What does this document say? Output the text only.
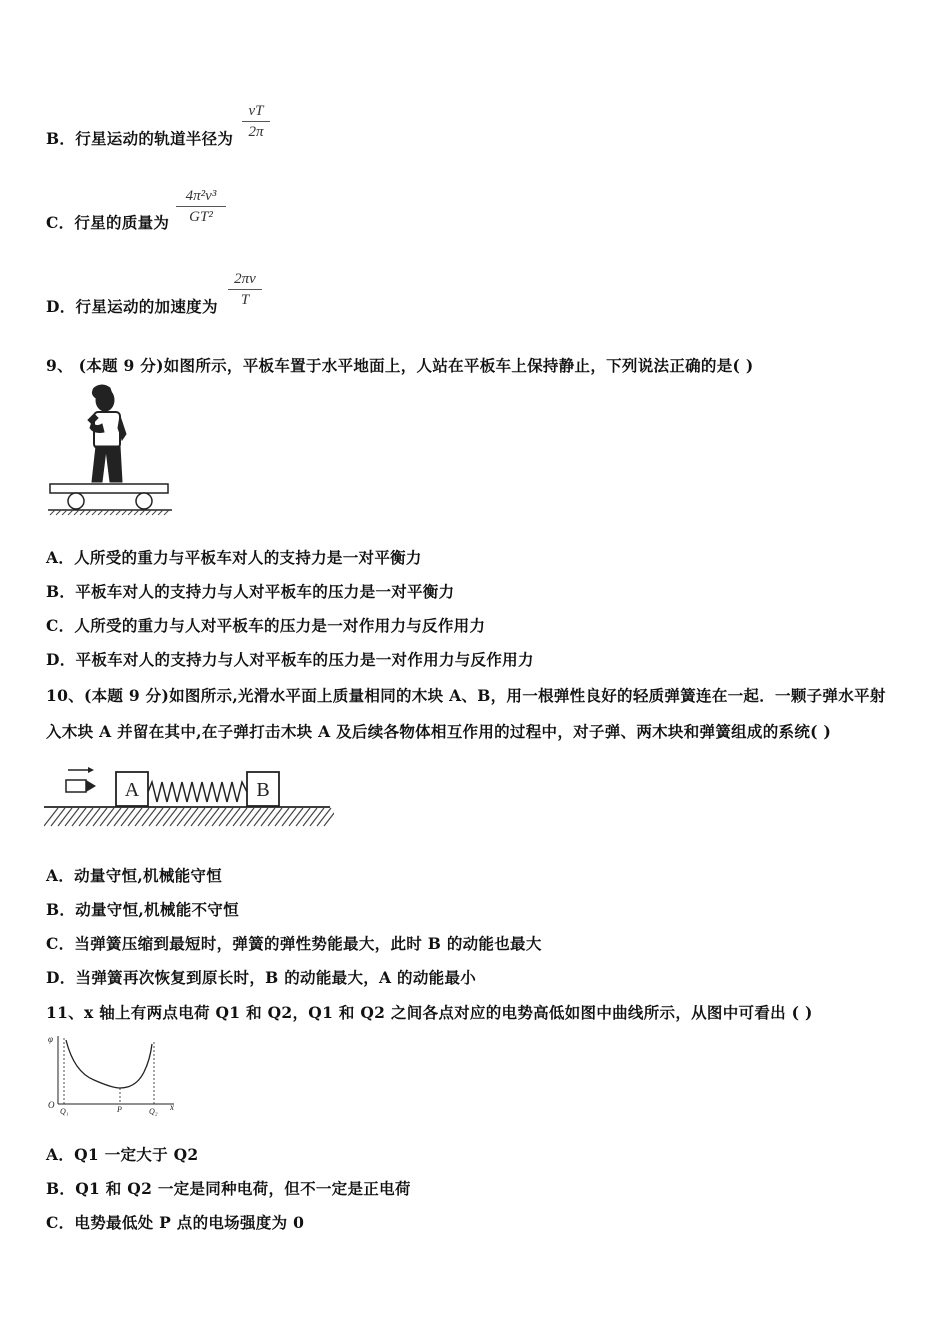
B．行星运动的轨道半径为
vT
2π
C．行星的质量为
4π²v³
GT²
D．行星运动的加速度为
2πv
T
9、 (本题 9 分)如图所示，平板车置于水平地面上，人站在平板车上保持静止，下列说法正确的是( )
A．人所受的重力与平板车对人的支持力是一对平衡力
B．平板车对人的支持力与人对平板车的压力是一对平衡力
C．人所受的重力与人对平板车的压力是一对作用力与反作用力
D．平板车对人的支持力与人对平板车的压力是一对作用力与反作用力
10、(本题 9 分)如图所示,光滑水平面上质量相同的木块 A、B，用一根弹性良好的轻质弹簧连在一起．一颗子弹水平射
入木块 A 并留在其中,在子弹打击木块 A 及后续各物体相互作用的过程中，对子弹、两木块和弹簧组成的系统( )
A	B
A．动量守恒,机械能守恒
B．动量守恒,机械能不守恒
C．当弹簧压缩到最短时，弹簧的弹性势能最大，此时 B 的动能也最大
D．当弹簧再次恢复到原长时，B 的动能最大，A 的动能最小
11、x 轴上有两点电荷 Q1 和 Q2，Q1 和 Q2 之间各点对应的电势高低如图中曲线所示，从图中可看出 ( )
φ
O	x
Q₁	P	Q₂
A．Q1 一定大于 Q2
B．Q1 和 Q2 一定是同种电荷，但不一定是正电荷
C．电势最低处 P 点的电场强度为 0
